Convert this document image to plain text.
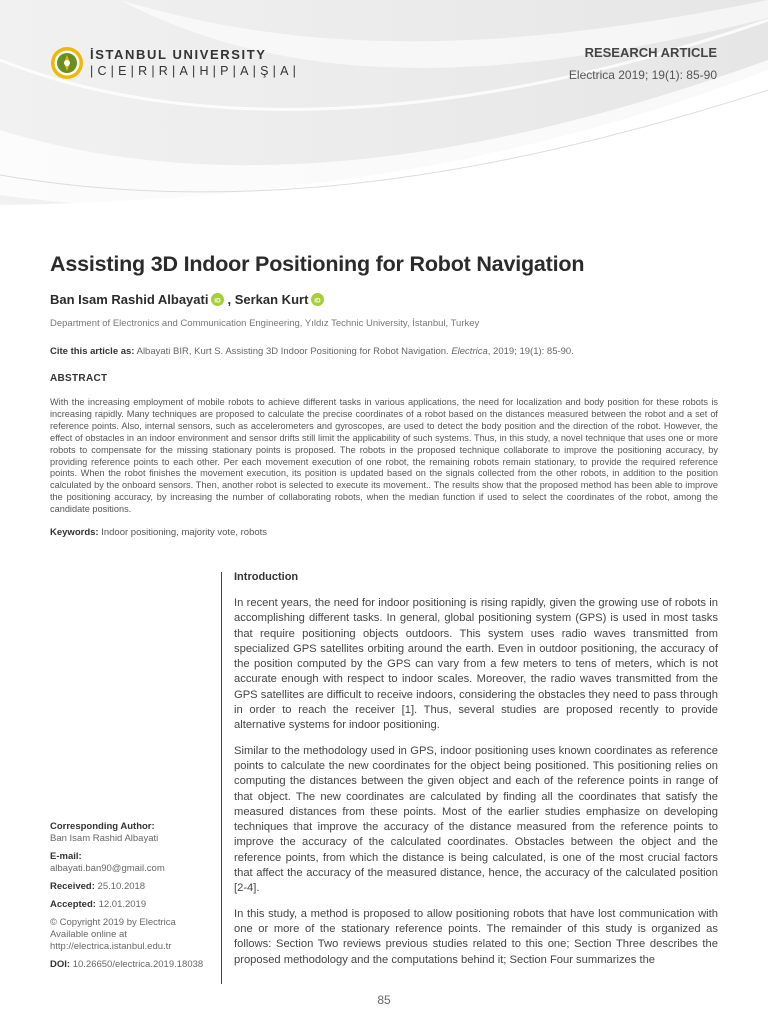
İSTANBUL UNIVERSITY
|C|E|R|R|A|H|P|A|Ş|A|
RESEARCH ARTICLE
Electrica 2019; 19(1): 85-90
Assisting 3D Indoor Positioning for Robot Navigation
Ban Isam Rashid Albayati iD , Serkan Kurt iD
Department of Electronics and Communication Engineering, Yıldız Technic University, İstanbul, Turkey
Cite this article as: Albayati BIR, Kurt S. Assisting 3D Indoor Positioning for Robot Navigation. Electrica, 2019; 19(1): 85-90.
ABSTRACT

With the increasing employment of mobile robots to achieve different tasks in various applications, the need for localization and body position for these robots is increasing rapidly. Many techniques are proposed to calculate the precise coordinates of a robot based on the distances measured between the robot and a set of reference points. Also, internal sensors, such as accelerometers and gyroscopes, are used to detect the body position and the direction of the robot. However, the effect of obstacles in an indoor environment and sensor drifts still limit the applicability of such systems. Thus, in this study, a novel technique that uses one or more robots to compensate for the missing stationary points is proposed. The robots in the proposed technique collaborate to improve the positioning accuracy, by providing reference points to each other. Per each movement execution of one robot, the remaining robots remain stationary, to provide the required reference points. When the robot finishes the movement execution, its position is updated based on the signals collected from the other robots, in addition to the position calculated by the onboard sensors. Then, another robot is selected to execute its movement.. The results show that the proposed method has been able to improve the positioning accuracy, by increasing the number of collaborating robots, when the median function if used to select the coordinates of the robot, among the candidate positions.

Keywords: Indoor positioning, majority vote, robots
Corresponding Author:
Ban Isam Rashid Albayati
E-mail:
albayati.ban90@gmail.com
Received: 25.10.2018
Accepted: 12.01.2019
© Copyright 2019 by Electrica
Available online at
http://electrica.istanbul.edu.tr
DOI: 10.26650/electrica.2019.18038
Introduction

In recent years, the need for indoor positioning is rising rapidly, given the growing use of robots in accomplishing different tasks. In general, global positioning system (GPS) is used in most tasks that require positioning objects outdoors. This system uses radio waves transmitted from specialized GPS satellites orbiting around the earth. Even in outdoor positioning, the accuracy of the position computed by the GPS can vary from a few meters to tens of meters, which is not accurate enough with respect to indoor scales. Moreover, the radio waves transmitted from the GPS satellites are difficult to receive indoors, considering the obstacles they need to pass through in order to reach the receiver [1]. Thus, several studies are proposed recently to provide alternative systems for indoor positioning.

Similar to the methodology used in GPS, indoor positioning uses known coordinates as reference points to calculate the new coordinates for the object being positioned. This positioning relies on computing the distances between the given object and each of the reference points in range of that object. The new coordinates are calculated by finding all the coordinates that satisfy the measured distances from these points. Most of the earlier studies emphasize on developing techniques that improve the accuracy of the distance measured from the reference points to improve the accuracy of the calculated coordinates. Obstacles between the object and the reference points, from which the distance is being calculated, is one of the most crucial factors that affect the accuracy of the measured distance, hence, the accuracy of the calculated position [2-4].

In this study, a method is proposed to allow positioning robots that have lost communication with one or more of the stationary reference points. The remainder of this study is organized as follows: Section Two reviews previous studies related to this one; Section Three describes the proposed methodology and the computations behind it; Section Four summarizes the

85
